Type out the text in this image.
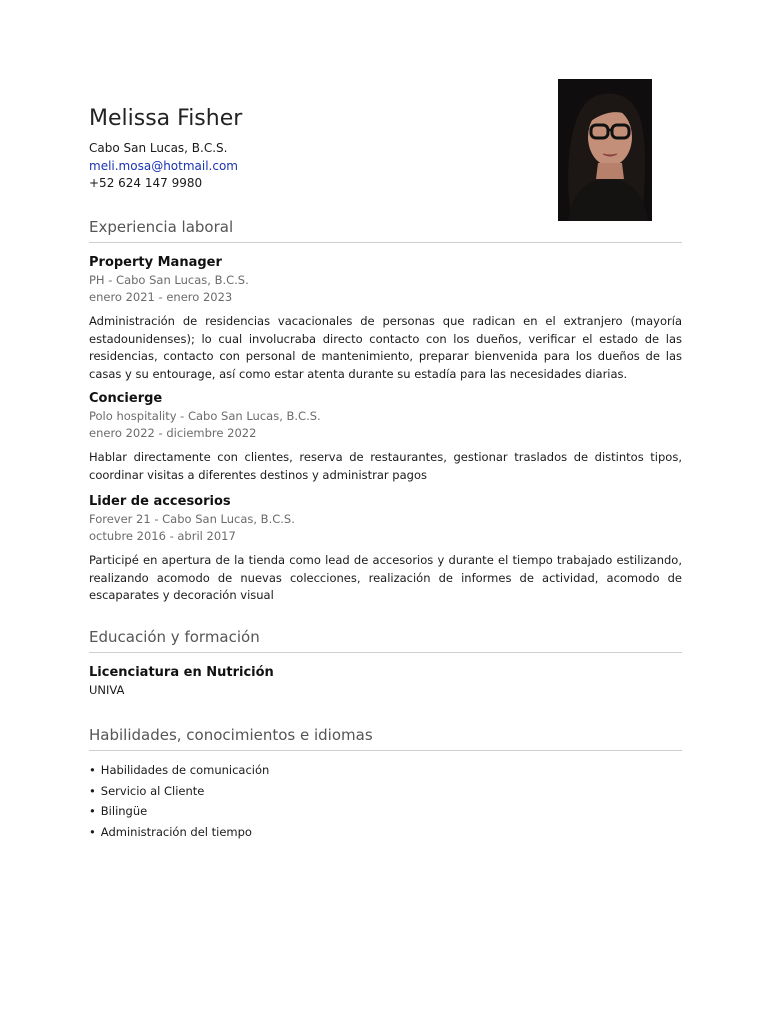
Melissa Fisher
Cabo San Lucas, B.C.S.
meli.mosa@hotmail.com
+52 624 147 9980
Experiencia laboral
Property Manager
PH - Cabo San Lucas, B.C.S.
enero 2021 - enero 2023
Administración de residencias vacacionales de personas que radican en el extranjero (mayoría estadounidenses); lo cual involucraba directo contacto con los dueños, verificar el estado de las residencias, contacto con personal de mantenimiento, preparar bienvenida para los dueños de las casas y su entourage, así como estar atenta durante su estadía para las necesidades diarias.
Concierge
Polo hospitality - Cabo San Lucas, B.C.S.
enero 2022 - diciembre 2022
Hablar directamente con clientes, reserva de restaurantes, gestionar traslados de distintos tipos, coordinar visitas a diferentes destinos y administrar pagos
Lider de accesorios
Forever 21 - Cabo San Lucas, B.C.S.
octubre 2016 - abril 2017
Participé en apertura de la tienda como lead de accesorios y durante el tiempo trabajado estilizando, realizando acomodo de nuevas colecciones, realización de informes de actividad, acomodo de escaparates y decoración visual
Educación y formación
Licenciatura en Nutrición
UNIVA
Habilidades, conocimientos e idiomas
• Habilidades de comunicación
• Servicio al Cliente
• Bilingüe
• Administración del tiempo
